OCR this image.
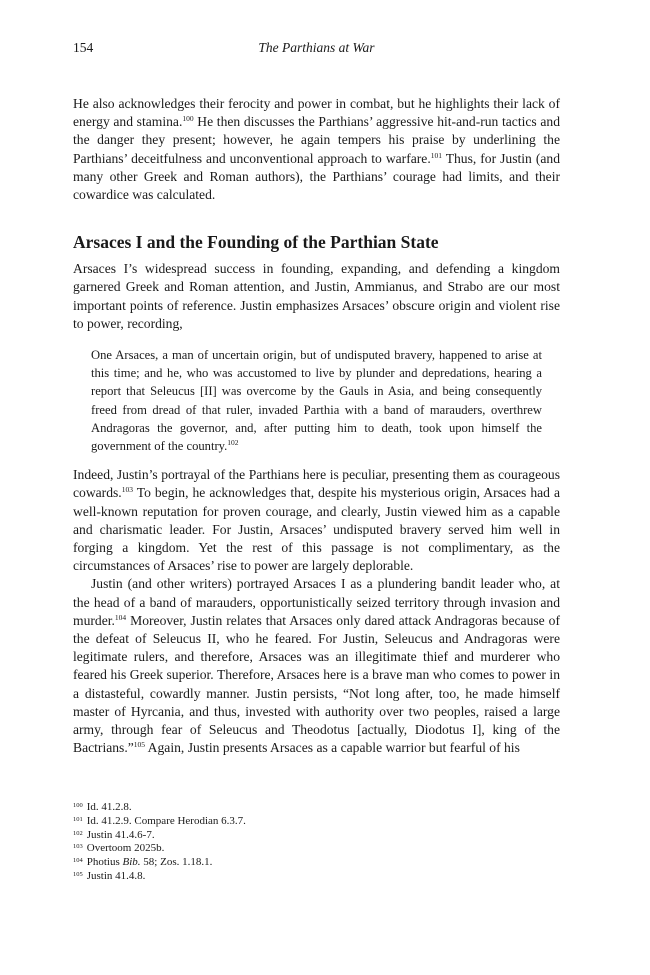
154	The Parthians at War

He also acknowledges their ferocity and power in combat, but he highlights their lack of energy and stamina.$^{100}$ He then discusses the Parthians’ aggressive hit-and-run tactics and the danger they present; however, he again tempers his praise by underlining the Parthians’ deceitfulness and unconventional approach to warfare.$^{101}$ Thus, for Justin (and many other Greek and Roman authors), the Parthians’ courage had limits, and their cowardice was calculated.

Arsaces I and the Founding of the Parthian State

Arsaces I’s widespread success in founding, expanding, and defending a kingdom garnered Greek and Roman attention, and Justin, Ammianus, and Strabo are our most important points of reference. Justin emphasizes Arsaces’ obscure origin and violent rise to power, recording,

One Arsaces, a man of uncertain origin, but of undisputed bravery, happened to arise at this time; and he, who was accustomed to live by plunder and depredations, hearing a report that Seleucus [II] was overcome by the Gauls in Asia, and being consequently freed from dread of that ruler, invaded Parthia with a band of marauders, overthrew Andragoras the governor, and, after putting him to death, took upon himself the government of the country.$^{102}$

Indeed, Justin’s portrayal of the Parthians here is peculiar, presenting them as courageous cowards.$^{103}$ To begin, he acknowledges that, despite his mysterious origin, Arsaces had a well-known reputation for proven courage, and clearly, Justin viewed him as a capable and charismatic leader. For Justin, Arsaces’ undisputed bravery served him well in forging a kingdom. Yet the rest of this passage is not complimentary, as the circumstances of Arsaces’ rise to power are largely deplorable.

Justin (and other writers) portrayed Arsaces I as a plundering bandit leader who, at the head of a band of marauders, opportunistically seized territory through invasion and murder.$^{104}$ Moreover, Justin relates that Arsaces only dared attack Andragoras because of the defeat of Seleucus II, who he feared. For Justin, Seleucus and Andragoras were legitimate rulers, and therefore, Arsaces was an illegitimate thief and murderer who feared his Greek superior. Therefore, Arsaces here is a brave man who comes to power in a distasteful, cowardly manner. Justin persists, “Not long after, too, he made himself master of Hyrcania, and thus, invested with authority over two peoples, raised a large army, through fear of Seleucus and Theodotus [actually, Diodotus I], king of the Bactrians.”$^{105}$ Again, Justin presents Arsaces as a capable warrior but fearful of his

$^{100}$ Id. 41.2.8.
$^{101}$ Id. 41.2.9. Compare Herodian 6.3.7.
$^{102}$ Justin 41.4.6-7.
$^{103}$ Overtoom 2025b.
$^{104}$ Photius Bib. 58; Zos. 1.18.1.
$^{105}$ Justin 41.4.8.
